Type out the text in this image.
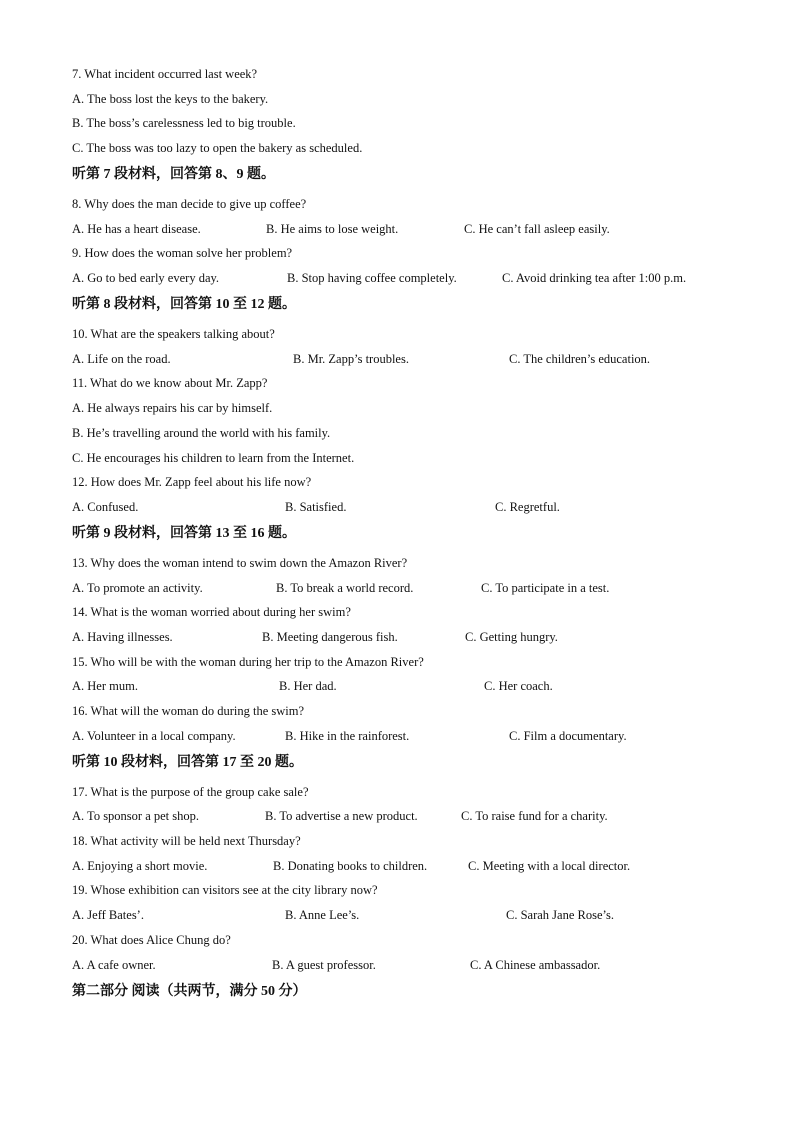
7. What incident occurred last week?
A. The boss lost the keys to the bakery.
B. The boss’s carelessness led to big trouble.
C. The boss was too lazy to open the bakery as scheduled.
听第 7 段材料，回答第 8、9 题。
8. Why does the man decide to give up coffee?
A. He has a heart disease.	B. He aims to lose weight.	C. He can’t fall asleep easily.
9. How does the woman solve her problem?
A. Go to bed early every day.	B. Stop having coffee completely.	C. Avoid drinking tea after 1:00 p.m.
听第 8 段材料，回答第 10 至 12 题。
10. What are the speakers talking about?
A. Life on the road.	B. Mr. Zapp’s troubles.	C. The children’s education.
11. What do we know about Mr. Zapp?
A. He always repairs his car by himself.
B. He’s travelling around the world with his family.
C. He encourages his children to learn from the Internet.
12. How does Mr. Zapp feel about his life now?
A. Confused.	B. Satisfied.	C. Regretful.
听第 9 段材料，回答第 13 至 16 题。
13. Why does the woman intend to swim down the Amazon River?
A. To promote an activity.	B. To break a world record.	C. To participate in a test.
14. What is the woman worried about during her swim?
A. Having illnesses.	B. Meeting dangerous fish.	C. Getting hungry.
15. Who will be with the woman during her trip to the Amazon River?
A. Her mum.	B. Her dad.	C. Her coach.
16. What will the woman do during the swim?
A. Volunteer in a local company.	B. Hike in the rainforest.	C. Film a documentary.
听第 10 段材料，回答第 17 至 20 题。
17. What is the purpose of the group cake sale?
A. To sponsor a pet shop.	B. To advertise a new product.	C. To raise fund for a charity.
18. What activity will be held next Thursday?
A. Enjoying a short movie.	B. Donating books to children.	C. Meeting with a local director.
19. Whose exhibition can visitors see at the city library now?
A. Jeff Bates’.	B. Anne Lee’s.	C. Sarah Jane Rose’s.
20. What does Alice Chung do?
A. A cafe owner.	B. A guest professor.	C. A Chinese ambassador.
第二部分 阅读（共两节，满分 50 分）
